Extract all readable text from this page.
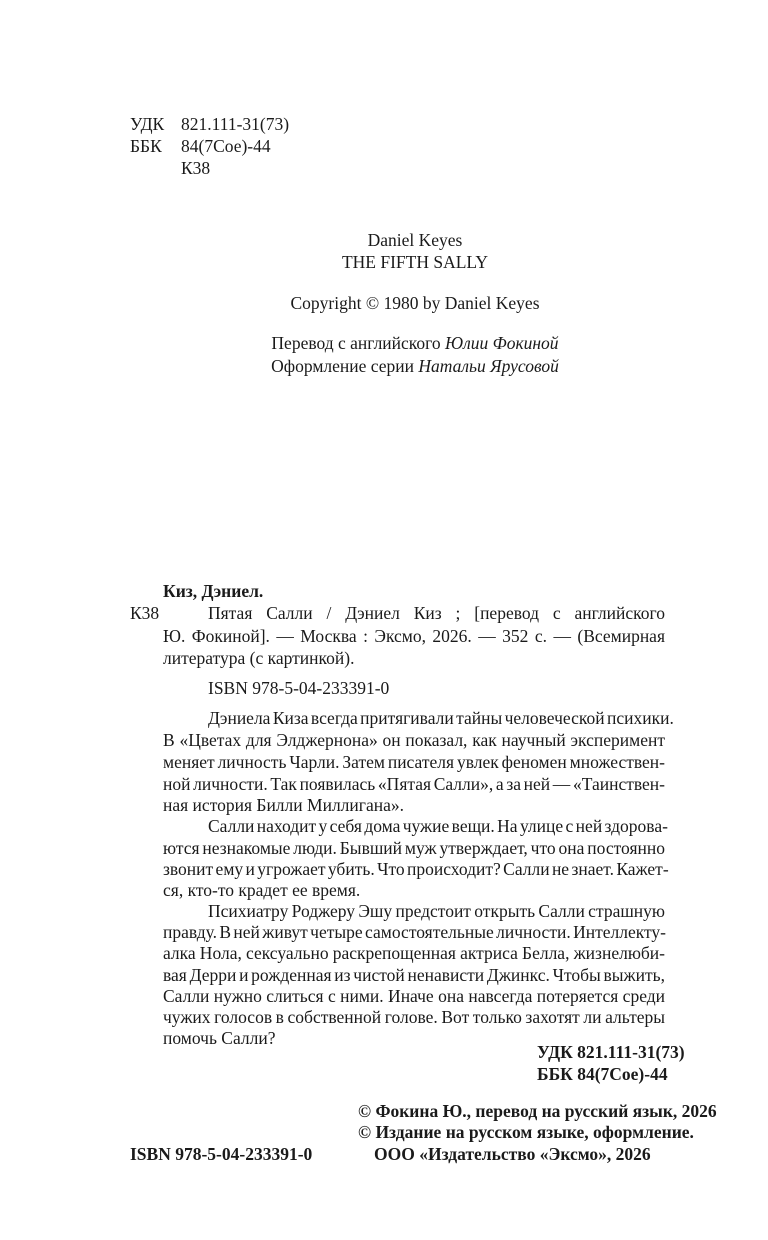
УДК 821.111-31(73)
ББК 84(7Сое)-44
К38
Daniel Keyes
THE FIFTH SALLY
Copyright © 1980 by Daniel Keyes
Перевод с английского Юлии Фокиной
Оформление серии Натальи Ярусовой
Киз, Дэниел.
К38	Пятая Салли / Дэниел Киз ; [перевод с английского
Ю. Фокиной]. — Москва : Эксмо, 2026. — 352 с. — (Всемирная
литература (с картинкой).
ISBN 978-5-04-233391-0
Дэниела Киза всегда притягивали тайны человеческой психики.
В «Цветах для Элджернона» он показал, как научный эксперимент
меняет личность Чарли. Затем писателя увлек феномен множествен-
ной личности. Так появилась «Пятая Салли», а за ней — «Таинствен-
ная история Билли Миллигана».
Салли находит у себя дома чужие вещи. На улице с ней здорова-
ются незнакомые люди. Бывший муж утверждает, что она постоянно
звонит ему и угрожает убить. Что происходит? Салли не знает. Кажет-
ся, кто-то крадет ее время.
Психиатру Роджеру Эшу предстоит открыть Салли страшную
правду. В ней живут четыре самостоятельные личности. Интеллекту-
алка Нола, сексуально раскрепощенная актриса Белла, жизнелюби-
вая Дерри и рожденная из чистой ненависти Джинкс. Чтобы выжить,
Салли нужно слиться с ними. Иначе она навсегда потеряется среди
чужих голосов в собственной голове. Вот только захотят ли альтеры
помочь Салли?
УДК 821.111-31(73)
ББК 84(7Сое)-44
© Фокина Ю., перевод на русский язык, 2026
© Издание на русском языке, оформление.
ООО «Издательство «Эксмо», 2026
ISBN 978-5-04-233391-0
